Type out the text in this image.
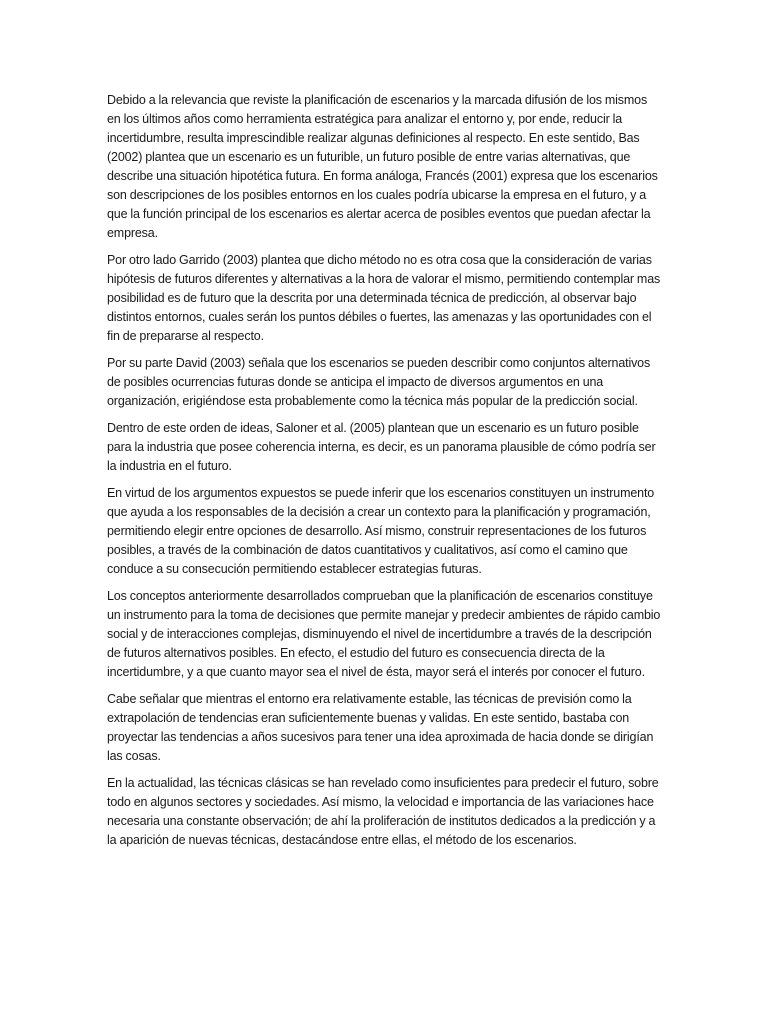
Debido a la relevancia que reviste la planificación de escenarios y la marcada difusión de los mismos en los últimos años como herramienta estratégica para analizar el entorno y, por ende, reducir la incertidumbre, resulta imprescindible realizar algunas definiciones al respecto. En este sentido, Bas (2002) plantea que un escenario es un futurible, un futuro posible de entre varias alternativas, que describe una situación hipotética futura. En forma análoga, Francés (2001) expresa que los escenarios son descripciones de los posibles entornos en los cuales podría ubicarse la empresa en el futuro, y a que la función principal de los escenarios es alertar acerca de posibles eventos que puedan afectar la empresa.

Por otro lado Garrido (2003) plantea que dicho método no es otra cosa que la consideración de varias hipótesis de futuros diferentes y alternativas a la hora de valorar el mismo, permitiendo contemplar mas posibilidad es de futuro que la descrita por una determinada técnica de predicción, al observar bajo distintos entornos, cuales serán los puntos débiles o fuertes, las amenazas y las oportunidades con el fin de prepararse al respecto.

Por su parte David (2003) señala que los escenarios se pueden describir como conjuntos alternativos de posibles ocurrencias futuras donde se anticipa el impacto de diversos argumentos en una organización, erigiéndose esta probablemente como la técnica más popular de la predicción social.

Dentro de este orden de ideas, Saloner et al. (2005) plantean que un escenario es un futuro posible para la industria que posee coherencia interna, es decir, es un panorama plausible de cómo podría ser la industria en el futuro.

En virtud de los argumentos expuestos se puede inferir que los escenarios constituyen un instrumento que ayuda a los responsables de la decisión a crear un contexto para la planificación y programación, permitiendo elegir entre opciones de desarrollo. Así mismo, construir representaciones de los futuros posibles, a través de la combinación de datos cuantitativos y cualitativos, así como el camino que conduce a su consecución permitiendo establecer estrategias futuras.

Los conceptos anteriormente desarrollados comprueban que la planificación de escenarios constituye un instrumento para la toma de decisiones que permite manejar y predecir ambientes de rápido cambio social y de interacciones complejas, disminuyendo el nivel de incertidumbre a través de la descripción de futuros alternativos posibles. En efecto, el estudio del futuro es consecuencia directa de la incertidumbre, y a que cuanto mayor sea el nivel de ésta, mayor será el interés por conocer el futuro.

Cabe señalar que mientras el entorno era relativamente estable, las técnicas de previsión como la extrapolación de tendencias eran suficientemente buenas y validas. En este sentido, bastaba con proyectar las tendencias a años sucesivos para tener una idea aproximada de hacia donde se dirigían las cosas.

En la actualidad, las técnicas clásicas se han revelado como insuficientes para predecir el futuro, sobre todo en algunos sectores y sociedades. Así mismo, la velocidad e importancia de las variaciones hace necesaria una constante observación; de ahí la proliferación de institutos dedicados a la predicción y a la aparición de nuevas técnicas, destacándose entre ellas, el método de los escenarios.
